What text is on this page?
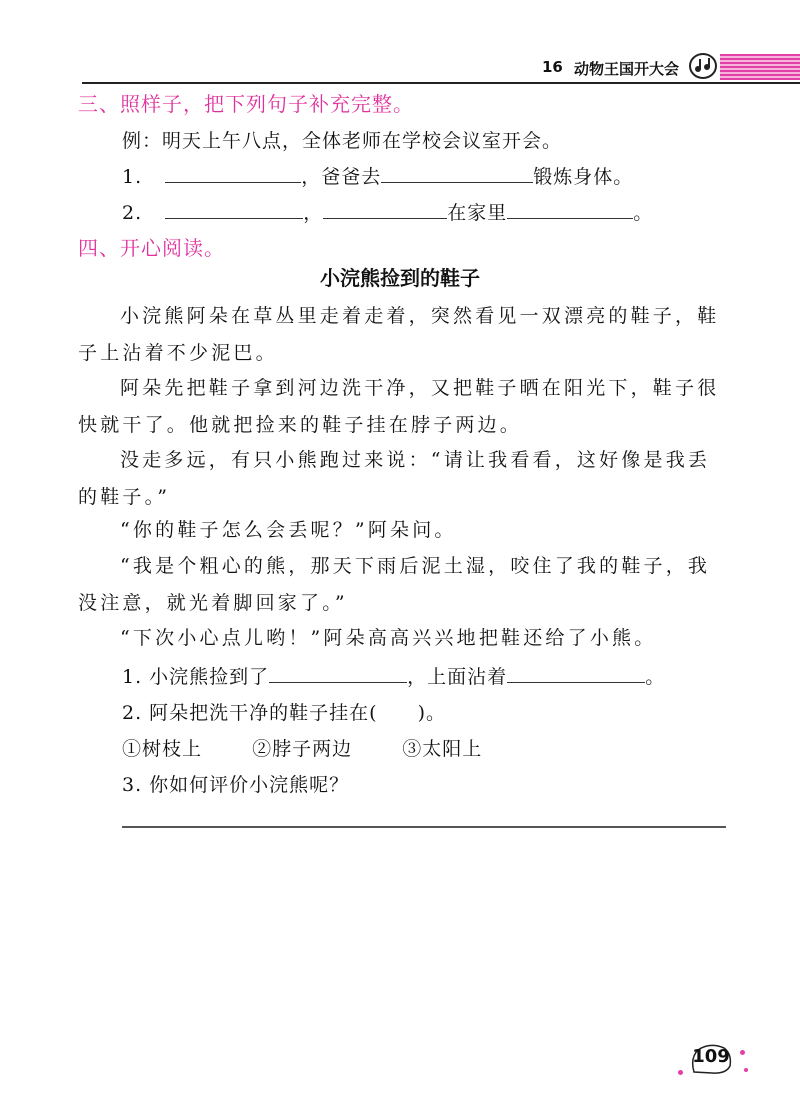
16 动物王国开大会
三、照样子，把下列句子补充完整。
例：明天上午八点，全体老师在学校会议室开会。
1.	，爸爸去	锻炼身体。
2.	，	在家里	。
四、开心阅读。
小浣熊捡到的鞋子
小浣熊阿朵在草丛里走着走着，突然看见一双漂亮的鞋子，鞋子上沾着不少泥巴。
阿朵先把鞋子拿到河边洗干净，又把鞋子晒在阳光下，鞋子很快就干了。他就把捡来的鞋子挂在脖子两边。
没走多远，有只小熊跑过来说：“请让我看看，这好像是我丢的鞋子。”
“你的鞋子怎么会丢呢？”阿朵问。
“我是个粗心的熊，那天下雨后泥土湿，咬住了我的鞋子，我没注意，就光着脚回家了。”
“下次小心点儿哟！”阿朵高高兴兴地把鞋还给了小熊。
1. 小浣熊捡到了	，上面沾着	。
2. 阿朵把洗干净的鞋子挂在(　　)。
①树枝上	②脖子两边	③太阳上
3. 你如何评价小浣熊呢？
109
